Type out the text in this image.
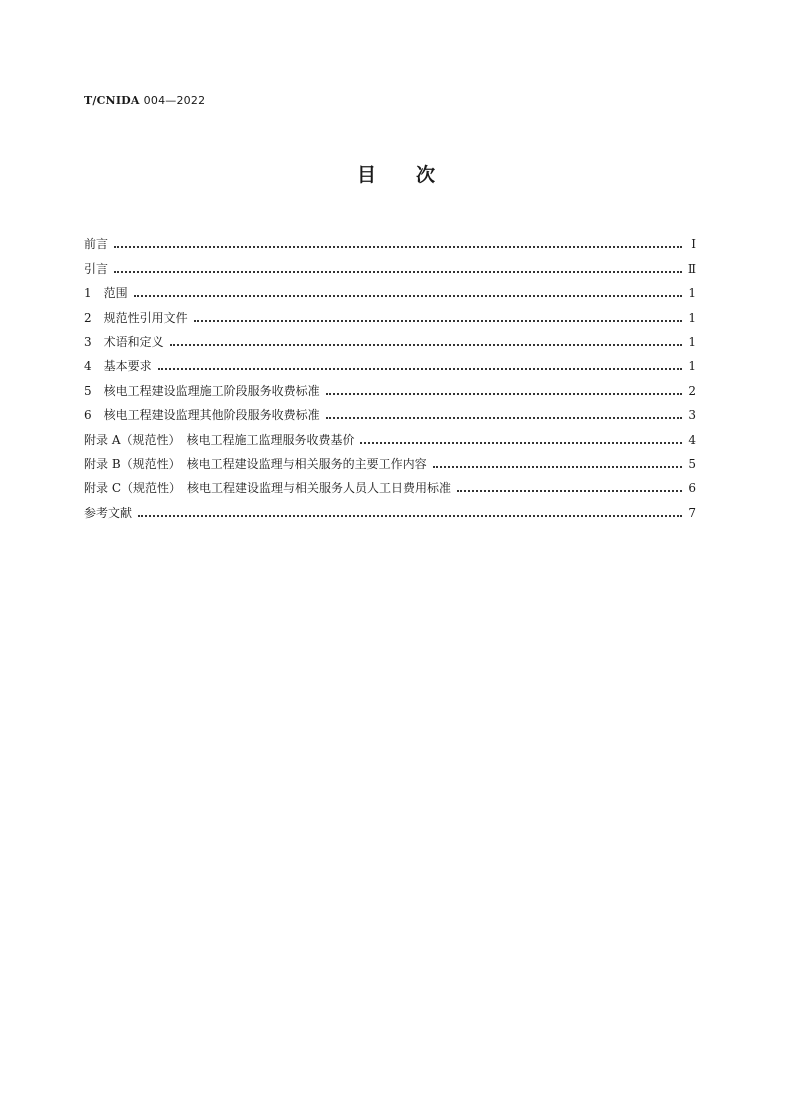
T/CNIDA 004—2022
目 次
前言	Ⅰ
引言	Ⅱ
1　范围	1
2　规范性引用文件	1
3　术语和定义	1
4　基本要求	1
5　核电工程建设监理施工阶段服务收费标准	2
6　核电工程建设监理其他阶段服务收费标准	3
附录 A（规范性）　核电工程施工监理服务收费基价	4
附录 B（规范性）　核电工程建设监理与相关服务的主要工作内容	5
附录 C（规范性）　核电工程建设监理与相关服务人员人工日费用标准	6
参考文献	7
